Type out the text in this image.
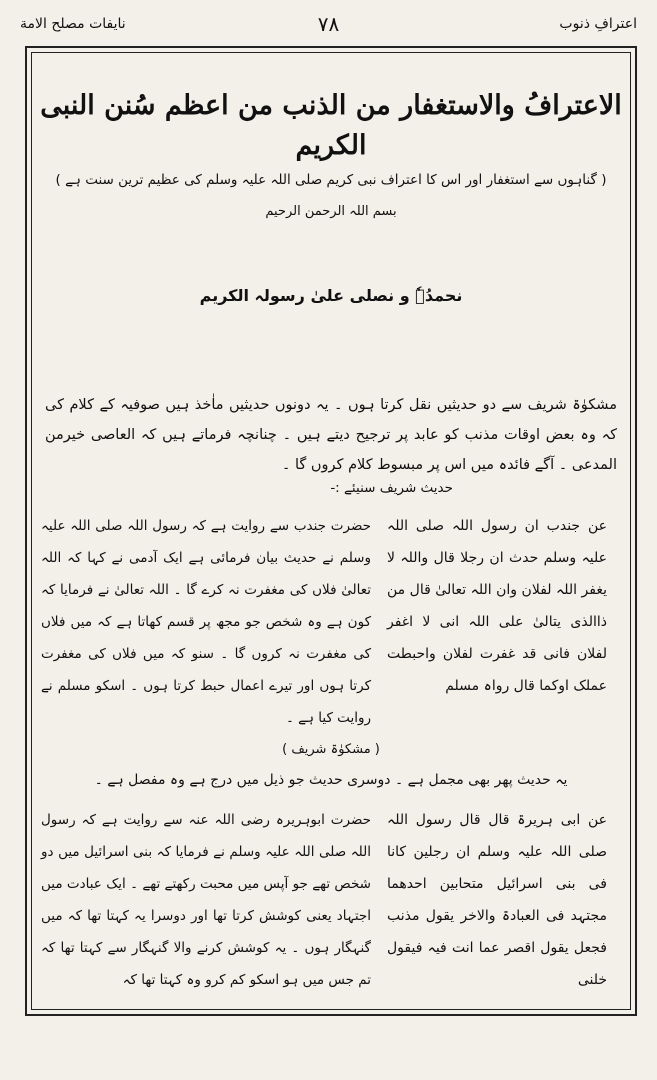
اعترافِ ذنوب
۷۸
نایفات مصلح الامة
الاعترافُ والاستغفار من الذنب من اعظم سُنن النبی الکریم
( گناہوں سے استغفار اور اس کا اعتراف نبی کریم صلی اللہ علیہ وسلم کی عظیم ترین سنت ہے )
بسم اللہ الرحمن الرحیم
نحمدُہٗ و نصلی علیٰ رسولہ الکریم
مشکوٰۃ شریف سے دو حدیثیں نقل کرتا ہوں ۔ یہ دونوں حدیثیں ماٰخذ ہیں صوفیہ کے کلام کی کہ وہ بعض اوقات مذنب کو عابد پر ترجیح دیتے ہیں ۔ چنانچہ فرماتے ہیں کہ العاصی خیرمن المدعی ۔ آگے فائدہ میں اس پر مبسوط کلام کروں گا ۔
حدیث شریف سنیئے :-
عن جندب ان رسول اللہ صلی اللہ علیہ وسلم حدث ان رجلا قال واللہ لا یغفر اللہ لفلان وان اللہ تعالیٰ قال من ذاالذی یتالیٰ علی اللہ انی لا اغفر لفلان فانی قد غفرت لفلان واحبطت عملک اوکما قال رواہ مسلم
حضرت جندب سے روایت ہے کہ رسول اللہ صلی اللہ علیہ وسلم نے حدیث بیان فرمائی ہے ایک آدمی نے کہا کہ اللہ تعالیٰ فلاں کی مغفرت نہ کرے گا ۔ اللہ تعالیٰ نے فرمایا کہ کون ہے وہ شخص جو مجھ پر قسم کھاتا ہے کہ میں فلاں کی مغفرت نہ کروں گا ۔ سنو کہ میں فلاں کی مغفرت کرتا ہوں اور تیرے اعمال حبط کرتا ہوں ۔ اسکو مسلم نے روایت کیا ہے ۔
( مشکوٰۃ شریف )
یہ حدیث پھر بھی مجمل ہے ۔ دوسری حدیث جو ذیل میں درج ہے وہ مفصل ہے ۔
عن ابی ہریرۃ قال قال رسول اللہ صلی اللہ علیہ وسلم ان رجلین کانا فی بنی اسرائیل متحابین احدھما مجتہد فی العبادۃ والاخر یقول مذنب فجعل یقول اقصر عما انت فیہ فیقول خلنی
حضرت ابوہریرہ رضی اللہ عنہ سے روایت ہے کہ رسول اللہ صلی اللہ علیہ وسلم نے فرمایا کہ بنی اسرائیل میں دو شخص تھے جو آپس میں محبت رکھتے تھے ۔ ایک عبادت میں اجتہاد یعنی کوشش کرتا تھا اور دوسرا یہ کہتا تھا کہ میں گنہگار ہوں ۔ یہ کوشش کرنے والا گنہگار سے کہتا تھا کہ تم جس میں ہو اسکو کم کرو وہ کہتا تھا کہ
